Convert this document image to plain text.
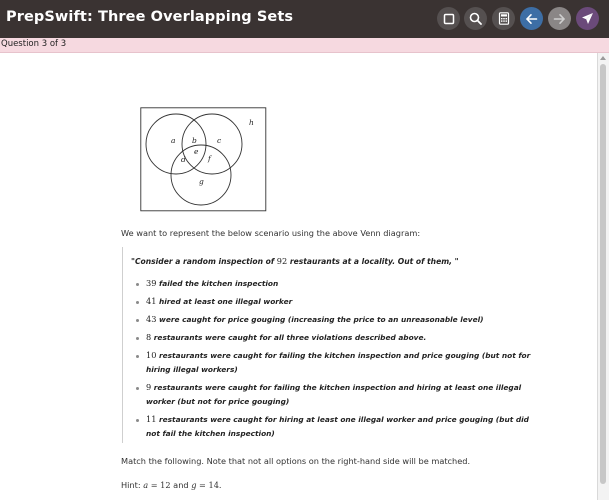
PrepSwift: Three Overlapping Sets
Question 3 of 3
a b	c
d
e
f
g
h
We want to represent the below scenario using the above Venn diagram:
"Consider a random inspection of 92 restaurants at a locality. Out of them, "
39 failed the kitchen inspection
41 hired at least one illegal worker
43 were caught for price gouging (increasing the price to an unreasonable level)
8 restaurants were caught for all three violations described above.
10 restaurants were caught for failing the kitchen inspection and price gouging (but not for
hiring illegal workers)
9 restaurants were caught for failing the kitchen inspection and hiring at least one illegal
worker (but not for price gouging)
11 restaurants were caught for hiring at least one illegal worker and price gouging (but did
not fail the kitchen inspection)
Match the following. Note that not all options on the right-hand side will be matched.
Hint: a = 12 and g = 14.
